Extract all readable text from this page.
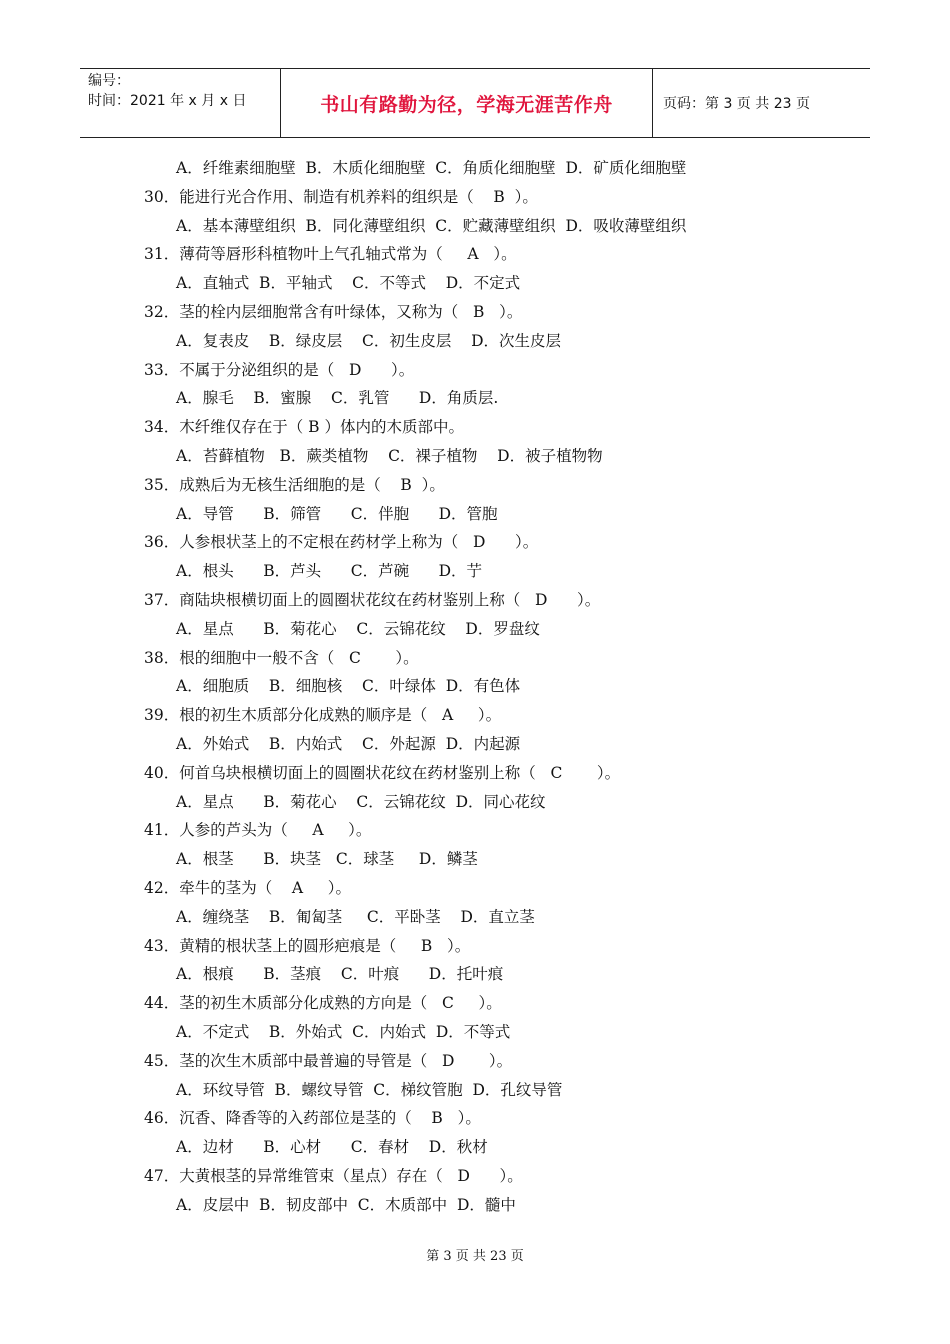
编号：
时间：2021 年 x 月 x 日	书山有路勤为径，学海无涯苦作舟	页码：第 3 页 共 23 页
A．纤维素细胞壁  B．木质化细胞壁  C．角质化细胞壁  D．矿质化细胞壁
30．能进行光合作用、制造有机养料的组织是（    B  ）。
A．基本薄壁组织  B．同化薄壁组织  C．贮藏薄壁组织  D．吸收薄壁组织
31．薄荷等唇形科植物叶上气孔轴式常为（     A   ）。
A．直轴式  B．平轴式    C．不等式    D．不定式
32．茎的栓内层细胞常含有叶绿体，又称为（   B   ）。
A．复表皮    B．绿皮层    C．初生皮层    D．次生皮层
33．不属于分泌组织的是（   D      ）。
A．腺毛    B．蜜腺    C．乳管      D．角质层.
34．木纤维仅存在于（ B ）体内的木质部中。
A．苔藓植物   B．蕨类植物    C．裸子植物    D．被子植物物
35．成熟后为无核生活细胞的是（    B  ）。
A．导管      B．筛管      C．伴胞      D．管胞
36．人参根状茎上的不定根在药材学上称为（   D      ）。
A．根头      B．芦头      C．芦碗      D．艼
37．商陆块根横切面上的圆圈状花纹在药材鉴别上称（   D      ）。
A．星点      B．菊花心    C．云锦花纹    D．罗盘纹
38．根的细胞中一般不含（   C       ）。
A．细胞质    B．细胞核    C．叶绿体  D．有色体
39．根的初生木质部分化成熟的顺序是（   A     ）。
A．外始式    B．内始式    C．外起源  D．内起源
40．何首乌块根横切面上的圆圈状花纹在药材鉴别上称（   C       ）。
A．星点      B．菊花心    C．云锦花纹  D．同心花纹
41．人参的芦头为（     A     ）。
A．根茎      B．块茎   C．球茎     D．鳞茎
42．牵牛的茎为（    A     ）。
A．缠绕茎    B．匍匐茎     C．平卧茎    D．直立茎
43．黄精的根状茎上的圆形疤痕是（     B   ）。
A．根痕      B．茎痕    C．叶痕      D．托叶痕
44．茎的初生木质部分化成熟的方向是（   C     ）。
A．不定式    B．外始式  C．内始式  D．不等式
45．茎的次生木质部中最普遍的导管是（   D       ）。
A．环纹导管  B．螺纹导管  C．梯纹管胞  D．孔纹导管
46．沉香、降香等的入药部位是茎的（    B   ）。
A．边材      B．心材      C．春材    D．秋材
47．大黄根茎的异常维管束（星点）存在（   D      ）。
A．皮层中  B．韧皮部中  C．木质部中  D．髓中
第 3 页 共 23 页
